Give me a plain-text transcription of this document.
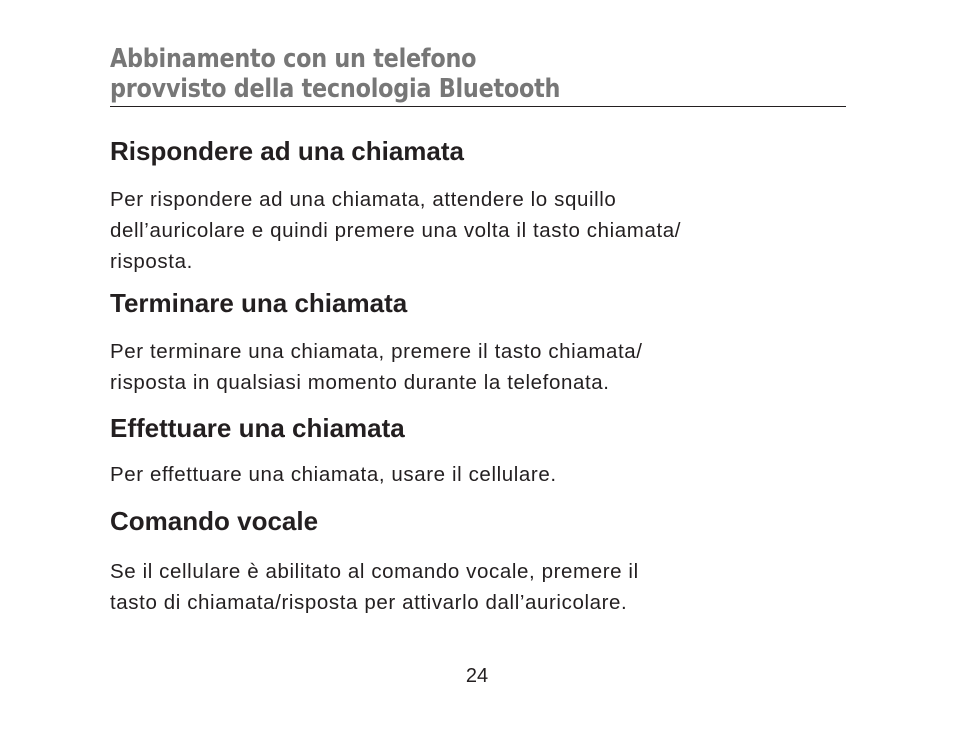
Abbinamento con un telefono
provvisto della tecnologia Bluetooth
Rispondere ad una chiamata

Per rispondere ad una chiamata, attendere lo squillo
dell’auricolare e quindi premere una volta il tasto chiamata/
risposta.

Terminare una chiamata

Per terminare una chiamata, premere il tasto chiamata/
risposta in qualsiasi momento durante la telefonata.

Effettuare una chiamata

Per effettuare una chiamata, usare il cellulare.

Comando vocale

Se il cellulare è abilitato al comando vocale, premere il
tasto di chiamata/risposta per attivarlo dall’auricolare.

24
